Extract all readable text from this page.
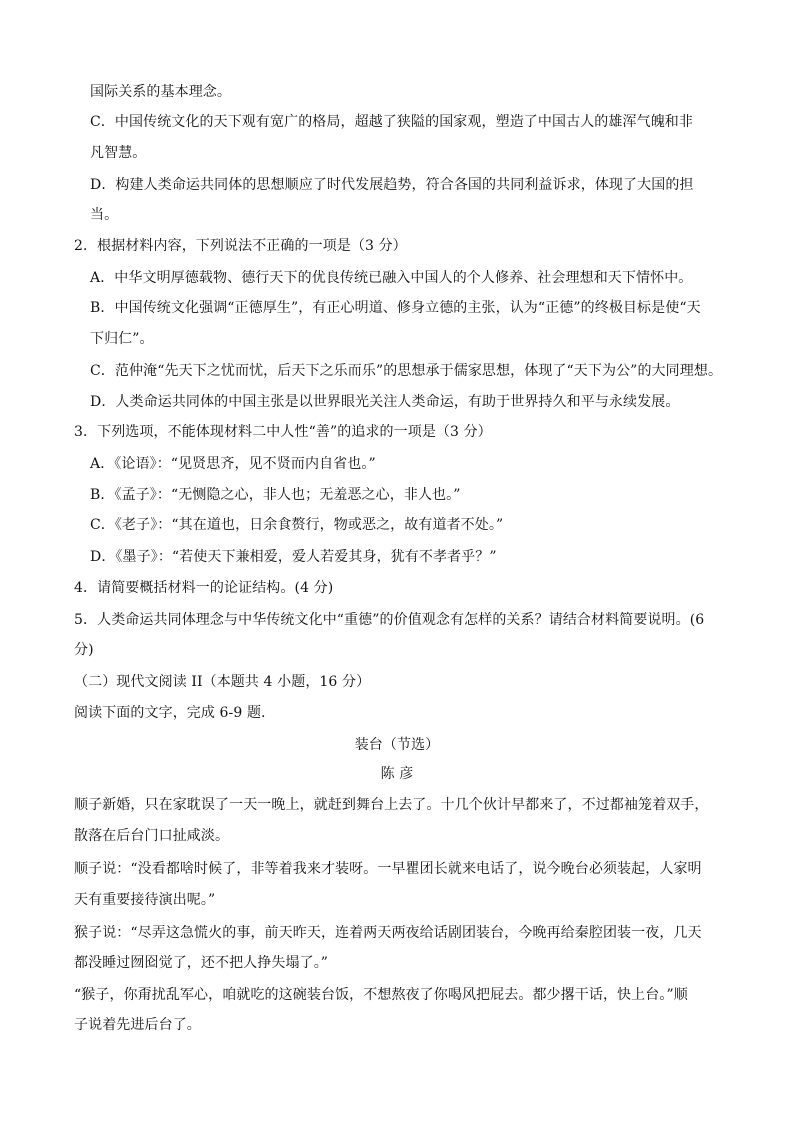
国际关系的基本理念。
C．中国传统文化的天下观有宽广的格局，超越了狭隘的国家观，塑造了中国古人的雄浑气魄和非
凡智慧。
D．构建人类命运共同体的思想顺应了时代发展趋势，符合各国的共同利益诉求，体现了大国的担
当。
2．根据材料内容，下列说法不正确的一项是（3 分）
A．中华文明厚德载物、德行天下的优良传统已融入中国人的个人修养、社会理想和天下情怀中。
B．中国传统文化强调“正德厚生”，有正心明道、修身立德的主张，认为“正德”的终极目标是使“天
下归仁”。
C．范仲淹“先天下之忧而忧，后天下之乐而乐”的思想承于儒家思想，体现了“天下为公”的大同理想。
D．人类命运共同体的中国主张是以世界眼光关注人类命运，有助于世界持久和平与永续发展。
3．下列选项，不能体现材料二中人性“善”的追求的一项是（3 分）
A．《论语》：“见贤思齐，见不贤而内自省也。”
B．《孟子》：“无恻隐之心，非人也；无羞恶之心，非人也。”
C．《老子》：“其在道也，日余食赘行，物或恶之，故有道者不处。”
D．《墨子》：“若使天下兼相爱，爱人若爱其身，犹有不孝者乎？”
4．请简要概括材料一的论证结构。(4 分)
5．人类命运共同体理念与中华传统文化中“重德”的价值观念有怎样的关系？请结合材料简要说明。(6
分)
（二）现代文阅读 II（本题共 4 小题，16 分）
阅读下面的文字，完成 6-9 题.
装台（节选）
陈 彦
顺子新婚，只在家耽误了一天一晚上，就赶到舞台上去了。十几个伙计早都来了，不过都袖笼着双手，
散落在后台门口扯咸淡。
顺子说：“没看都啥时候了，非等着我来才装呀。一早瞿团长就来电话了，说今晚台必须装起，人家明
天有重要接待演出呢。”
猴子说：“尽弄这急慌火的事，前天昨天，连着两天两夜给话剧团装台，今晚再给秦腔团装一夜，几天
都没睡过囫囵觉了，还不把人挣失塌了。”
“猴子，你甭扰乱军心，咱就吃的这碗装台饭，不想熬夜了你喝风把屁去。都少撂干话，快上台。”顺
子说着先进后台了。
